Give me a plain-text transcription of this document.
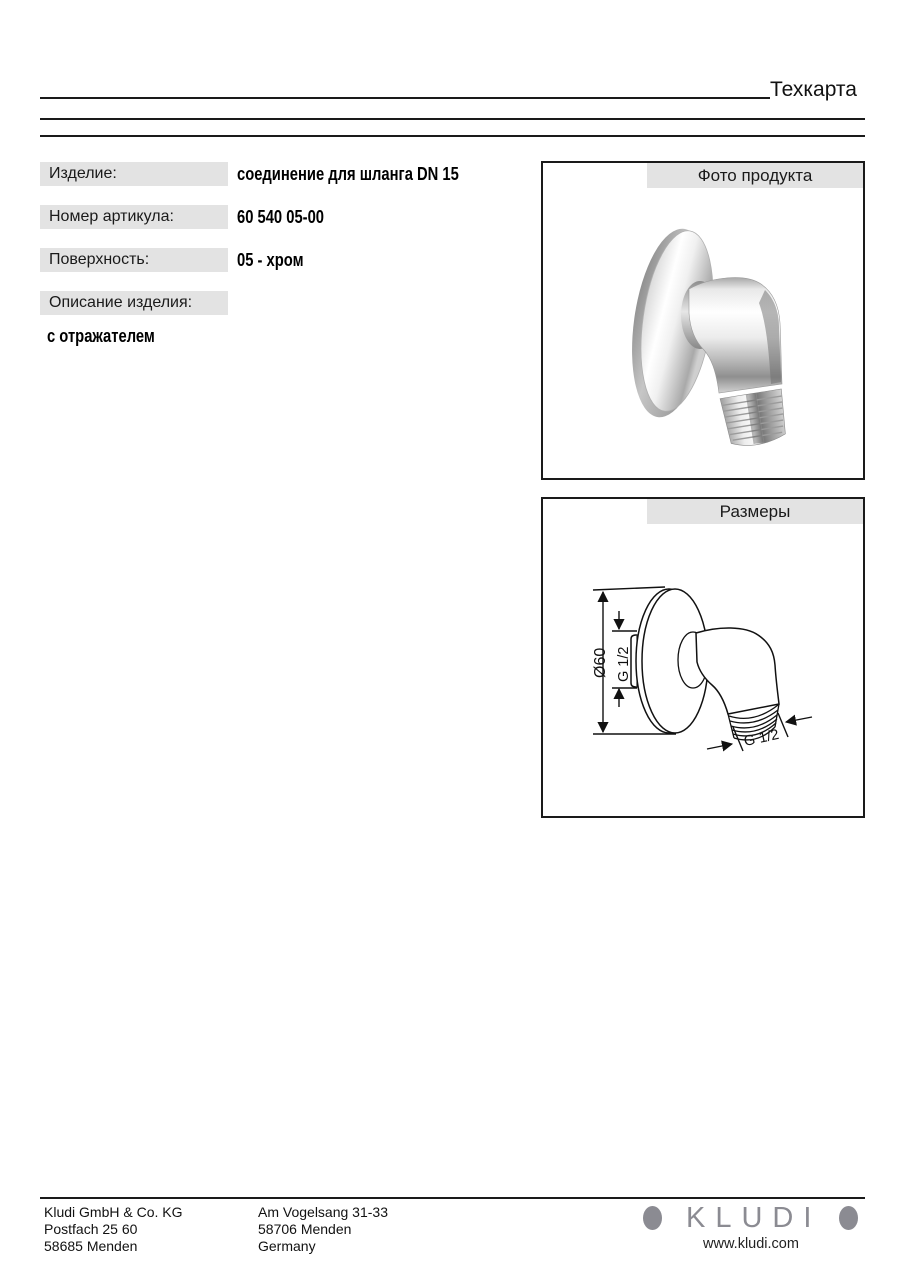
Техкарта
Изделие:	соединение для шланга DN 15
Номер артикула:	60 540 05-00
Поверхность:	05 - хром
Описание изделия:
с отражателем
Фото продукта
Размеры
Ø60 G 1/2
G 1/2
Kludi GmbH & Co. KG
Postfach 25 60
58685 Menden
Am Vogelsang 31-33
58706 Menden
Germany
KLUDI
www.kludi.com
